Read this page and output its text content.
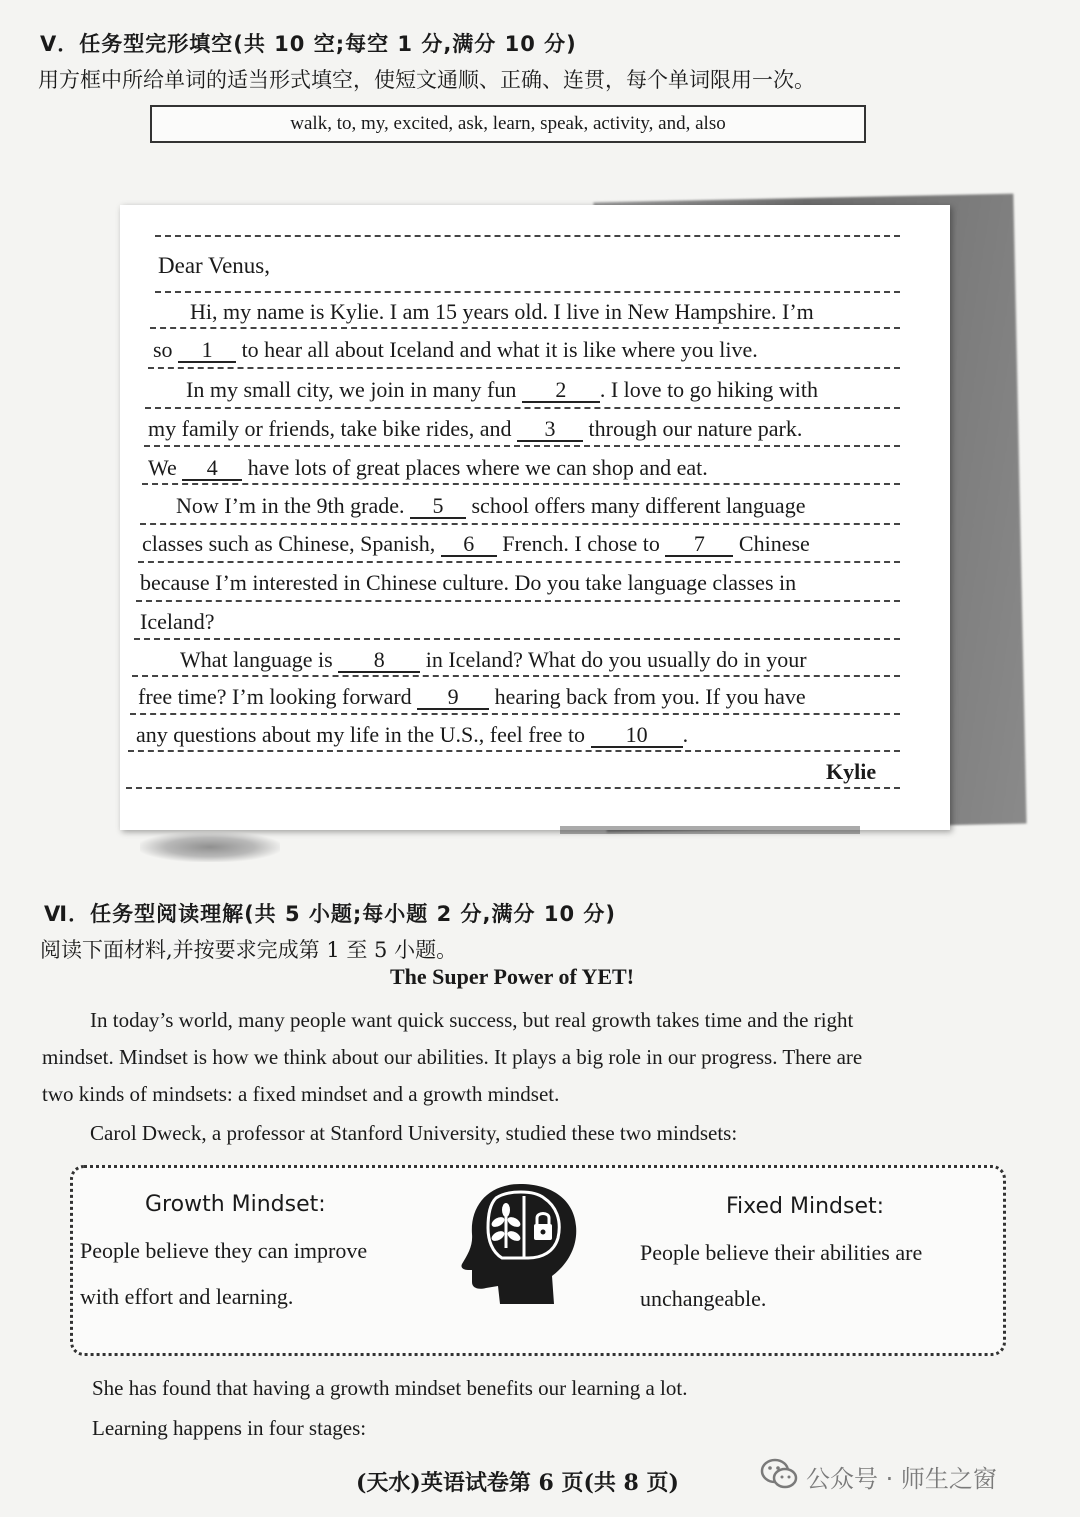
V．任务型完形填空(共 10 空;每空 1 分,满分 10 分)
用方框中所给单词的适当形式填空，使短文通顺、正确、连贯，每个单词限用一次。
walk, to, my, excited, ask, learn, speak, activity, and, also
Dear Venus,
Hi, my name is Kylie. I am 15 years old. I live in New Hampshire. I’m
so 1 to hear all about Iceland and what it is like where you live.
In my small city, we join in many fun 2 . I love to go hiking with
my family or friends, take bike rides, and 3 through our nature park.
We 4 have lots of great places where we can shop and eat.
Now I’m in the 9th grade. 5 school offers many different language
classes such as Chinese, Spanish, 6 French. I chose to 7 Chinese
because I’m interested in Chinese culture. Do you take language classes in
Iceland?
What language is 8 in Iceland? What do you usually do in your
free time? I’m looking forward 9 hearing back from you. If you have
any questions about my life in the U.S., feel free to 10 .
Kylie
Ⅵ．任务型阅读理解(共 5 小题;每小题 2 分,满分 10 分)
阅读下面材料,并按要求完成第 1 至 5 小题。
The Super Power of YET!
In today’s world, many people want quick success, but real growth takes time and the right
mindset. Mindset is how we think about our abilities. It plays a big role in our progress. There are
two kinds of mindsets: a fixed mindset and a growth mindset.
Carol Dweck, a professor at Stanford University, studied these two mindsets:
Growth Mindset:
People believe they can improve
with effort and learning.
Fixed Mindset:
People believe their abilities are
unchangeable.
She has found that having a growth mindset benefits our learning a lot.
Learning happens in four stages:
(天水)英语试卷第 6 页(共 8 页)	公众号 · 师生之窗
